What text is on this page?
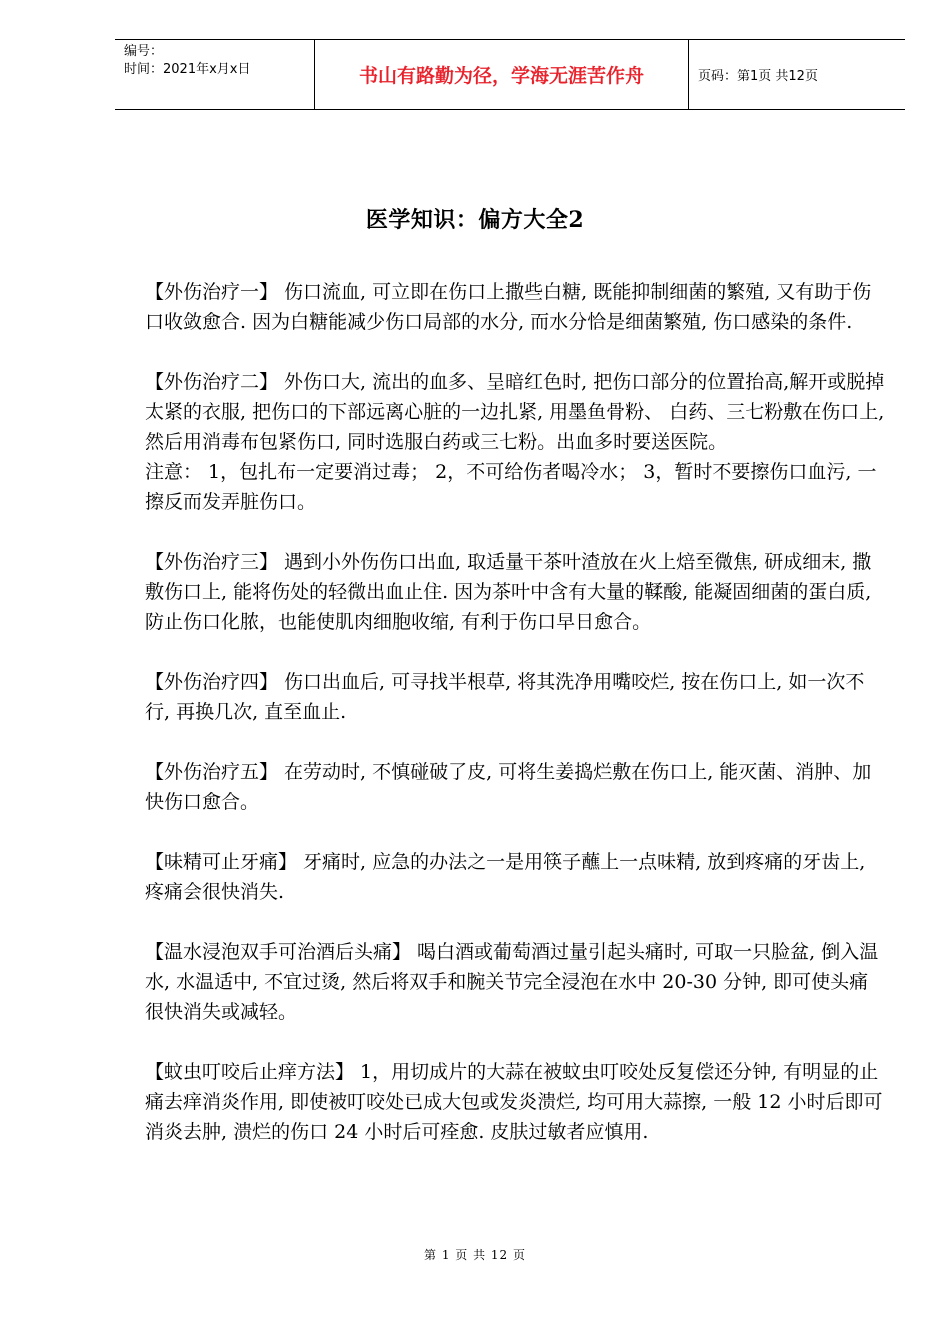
编号：
时间：2021年x月x日	书山有路勤为径，学海无涯苦作舟	页码：第1页 共12页
医学知识：偏方大全2

【外伤治疗一】 伤口流血, 可立即在伤口上撒些白糖, 既能抑制细菌的繁殖, 又有助于伤口收敛愈合. 因为白糖能减少伤口局部的水分, 而水分恰是细菌繁殖, 伤口感染的条件.

【外伤治疗二】 外伤口大, 流出的血多、呈暗红色时, 把伤口部分的位置抬高,解开或脱掉太紧的衣服, 把伤口的下部远离心脏的一边扎紧, 用墨鱼骨粉、 白药、三七粉敷在伤口上, 然后用消毒布包紧伤口, 同时选服白药或三七粉。出血多时要送医院。

注意： 1，包扎布一定要消过毒； 2，不可给伤者喝冷水； 3，暂时不要擦伤口血污, 一擦反而发弄脏伤口。

【外伤治疗三】 遇到小外伤伤口出血, 取适量干茶叶渣放在火上焙至微焦, 研成细末, 撒敷伤口上, 能将伤处的轻微出血止住. 因为茶叶中含有大量的鞣酸, 能凝固细菌的蛋白质,防止伤口化脓，也能使肌肉细胞收缩, 有利于伤口早日愈合。

【外伤治疗四】 伤口出血后, 可寻找半根草, 将其洗净用嘴咬烂, 按在伤口上, 如一次不行, 再换几次, 直至血止.

【外伤治疗五】 在劳动时, 不慎碰破了皮, 可将生姜捣烂敷在伤口上, 能灭菌、消肿、加快伤口愈合。

【味精可止牙痛】 牙痛时, 应急的办法之一是用筷子蘸上一点味精, 放到疼痛的牙齿上, 疼痛会很快消失.

【温水浸泡双手可治酒后头痛】 喝白酒或葡萄酒过量引起头痛时, 可取一只脸盆, 倒入温水, 水温适中, 不宜过烫, 然后将双手和腕关节完全浸泡在水中 20-30 分钟, 即可使头痛很快消失或减轻。

【蚊虫叮咬后止痒方法】 1，用切成片的大蒜在被蚊虫叮咬处反复偿还分钟, 有明显的止痛去痒消炎作用, 即使被叮咬处已成大包或发炎溃烂, 均可用大蒜擦, 一般 12 小时后即可消炎去肿, 溃烂的伤口 24 小时后可痊愈. 皮肤过敏者应慎用.

第 1 页 共 12 页
